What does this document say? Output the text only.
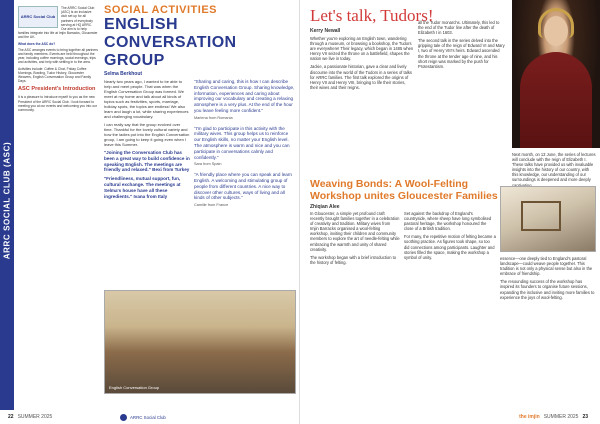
ARRC SOCIAL CLUB (ASC)
ARRC Social Club

The ARRC Social Club (ASC) is an inclusive club set up for all partners of everybody serving at HQ ARRC. Our aim is to help families integrate into life at Imjin Barracks, Gloucester and the UK.

What does the ASC do?

The ASC arranges events to bring together all partners and family members. Events are held throughout the year, including coffee mornings, social evenings, trips and activities, and help with settling in to the area.

Activities include: Coffee & Chat, Friday Coffee Mornings, Bowling, Tudor History, Gloucester Weavers, English Conversation Group and Family Days.

ASC President's Introduction

It is a pleasure to introduce myself to you as the new President of the ARRC Social Club. I look forward to meeting you at our events and welcoming you into our community.

SOCIAL ACTIVITIES
ENGLISH CONVERSATION GROUP
Selma Berkhout

Nearly two years ago, I wanted to be able to help and meet people. That was when the English Conversation Group was formed. We meet at my home and talk about all kinds of topics such as festivities, sports, marriage, holiday spots, the topics are endless! We also learn and laugh a lot, while sharing experiences and challenging vocabulary.

I can really say that the group evolved over time. Thankful for the lovely cultural variety and how the ladies put into the English Conversation group, I am going to keep it going even when I leave this Summer.

"Joining the Conversation Club has been a great way to build confidence in speaking English. The meetings are friendly and relaxed." Bexi from Turkey

"Friendliness, mutual support, fun, cultural exchange. The meetings at Selma's house have all these ingredients." Ivana from Italy

"Sharing and caring, this is how I can describe English Conversation Group. Sharing knowledge, information, experiences and caring about improving our vocabulary and creating a relaxing atmosphere is a very plus. At the end of the hour you leave feeling more confident."
Marlena from Romania
"I'm glad to participate in this activity with the military wives. This group helps us to reinforce our English skills, no matter your English level. The atmosphere is warm and nice and you can participate in conversations calmly and confidently."
Sara from Spain
"A friendly place where you can speak and learn English. A welcoming and stimulating group of people from different countries. A nice way to discover other cultures, ways of living and all kinds of other subjects."
Camille from France
English Conversation Group
22 SUMMER 2025	ARRC Social Club
Let's talk, Tudors!
Kerry Newall

Whether you're exploring an English town, wandering through a museum, or browsing a bookshop, the Tudors are everywhere! Their legacy, which began in 1485 when Henry VII seized the throne on a battlefield, shapes the nation we live in today.

Jackie, a passionate historian, gave a clear and lively discourse into the world of the Tudors in a series of talks for ARRC families. The first talk explored the origins of Henry VII and Henry VIII, bringing to life their stories, their wives and their reigns.

all the Tudor monarchs. Ultimately, this led to the end of the Tudor line after the death of Elizabeth I in 1603.

The second talk in the series delved into the gripping tale of the reign of Edward VI and Mary I, two of Henry VIII's heirs. Edward ascended the throne at the tender age of nine, and his short reign was marked by the push for Protestantism.

Next month, on 13 June, the series of lectures will conclude with the reign of Elizabeth I.

These talks have provided us with invaluable insights into the history of our country, with this knowledge, our understanding of our surroundings is deepened and more deeply

Weaving Bonds: A Wool-Felting Workshop unites Gloucester Families
Zhiqian Alee

In Gloucester, a simple yet profound craft recently brought families together in a celebration of creativity and tradition. Military wives from Imjin Barracks organised a wool-felting workshop, inviting their children and community members to explore the art of needle-felting while embracing the warmth and unity of shared creativity.

The workshop began with a brief introduction to the history of felting.

Set against the backdrop of England's countryside, where sheep have long symbolised pastoral heritage, the workshop honoured the close of a British tradition.

For many, the repetitive motion of felting became a soothing practice. As figures took shape, so too did connections among participants. Laughter and stories filled the space, making the workshop a symbol of unity.	essence—one deeply tied to England's pastoral landscape—could weave people together. This tradition is not only a physical sense but also in the embrace of friendship.

The resounding success of the workshop has inspired its founders to organise future sessions, expanding the inclusive and inviting more families to experience the joys of wool-felting.

the imjin SUMMER 2025 23
